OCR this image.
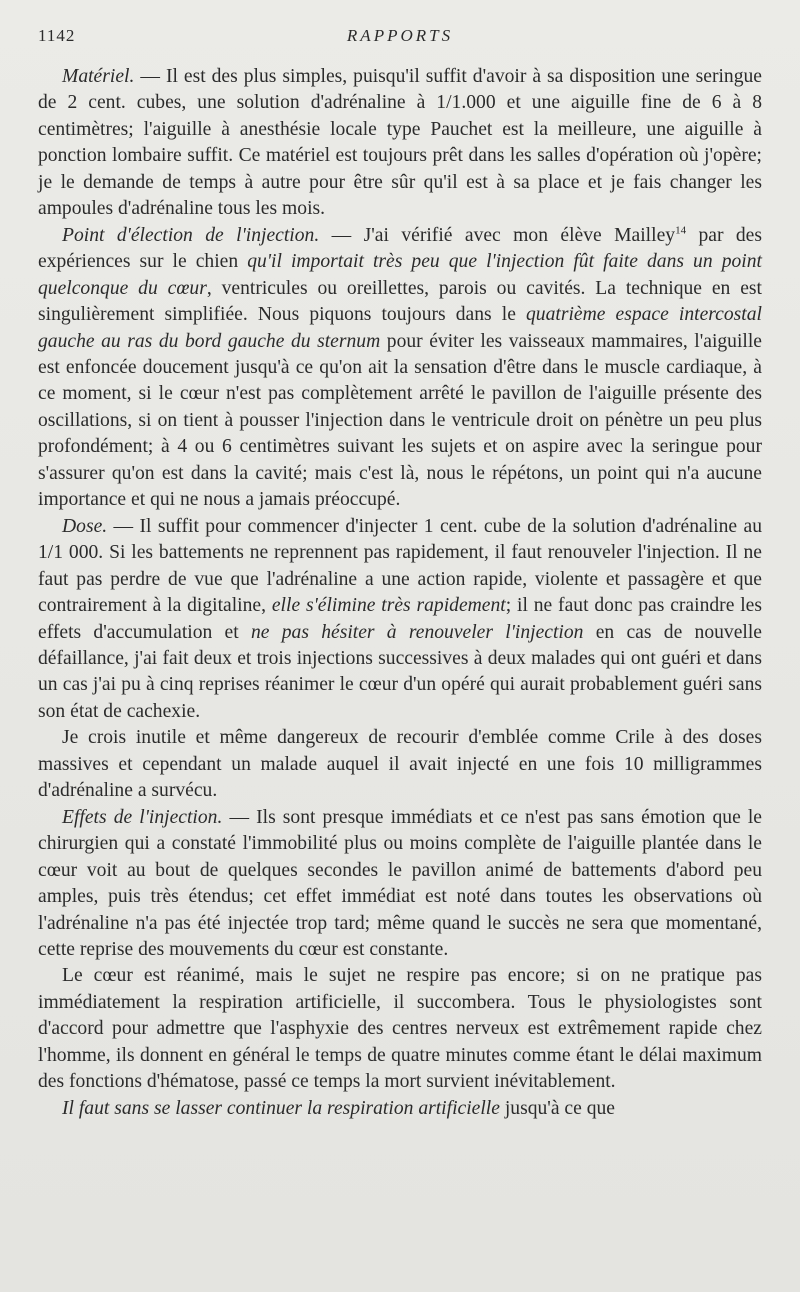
1142	RAPPORTS

Matériel. — Il est des plus simples, puisqu'il suffit d'avoir à sa disposition une seringue de 2 cent. cubes, une solution d'adrénaline à 1/1.000 et une aiguille fine de 6 à 8 centimètres; l'aiguille à anesthésie locale type Pauchet est la meilleure, une aiguille à ponction lombaire suffit. Ce matériel est toujours prêt dans les salles d'opération où j'opère; je le demande de temps à autre pour être sûr qu'il est à sa place et je fais changer les ampoules d'adrénaline tous les mois.

Point d'élection de l'injection. — J'ai vérifié avec mon élève Mailley$^{14}$ par des expériences sur le chien qu'il importait très peu que l'injection fût faite dans un point quelconque du cœur, ventricules ou oreillettes, parois ou cavités. La technique en est singulièrement simplifiée. Nous piquons toujours dans le quatrième espace intercostal gauche au ras du bord gauche du sternum pour éviter les vaisseaux mammaires, l'aiguille est enfoncée doucement jusqu'à ce qu'on ait la sensation d'être dans le muscle cardiaque, à ce moment, si le cœur n'est pas complètement arrêté le pavillon de l'aiguille présente des oscillations, si on tient à pousser l'injection dans le ventricule droit on pénètre un peu plus profondément; à 4 ou 6 centimètres suivant les sujets et on aspire avec la seringue pour s'assurer qu'on est dans la cavité; mais c'est là, nous le répétons, un point qui n'a aucune importance et qui ne nous a jamais préoccupé.

Dose. — Il suffit pour commencer d'injecter 1 cent. cube de la solution d'adrénaline au 1/1 000. Si les battements ne reprennent pas rapidement, il faut renouveler l'injection. Il ne faut pas perdre de vue que l'adrénaline a une action rapide, violente et passagère et que contrairement à la digitaline, elle s'élimine très rapidement; il ne faut donc pas craindre les effets d'accumulation et ne pas hésiter à renouveler l'injection en cas de nouvelle défaillance, j'ai fait deux et trois injections successives à deux malades qui ont guéri et dans un cas j'ai pu à cinq reprises réanimer le cœur d'un opéré qui aurait probablement guéri sans son état de cachexie.

Je crois inutile et même dangereux de recourir d'emblée comme Crile à des doses massives et cependant un malade auquel il avait injecté en une fois 10 milligrammes d'adrénaline a survécu.

Effets de l'injection. — Ils sont presque immédiats et ce n'est pas sans émotion que le chirurgien qui a constaté l'immobilité plus ou moins complète de l'aiguille plantée dans le cœur voit au bout de quelques secondes le pavillon animé de battements d'abord peu amples, puis très étendus; cet effet immédiat est noté dans toutes les observations où l'adrénaline n'a pas été injectée trop tard; même quand le succès ne sera que momentané, cette reprise des mouvements du cœur est constante.

Le cœur est réanimé, mais le sujet ne respire pas encore; si on ne pratique pas immédiatement la respiration artificielle, il succombera. Tous le physiologistes sont d'accord pour admettre que l'asphyxie des centres nerveux est extrêmement rapide chez l'homme, ils donnent en général le temps de quatre minutes comme étant le délai maximum des fonctions d'hématose, passé ce temps la mort survient inévitablement.

Il faut sans se lasser continuer la respiration artificielle jusqu'à ce que
